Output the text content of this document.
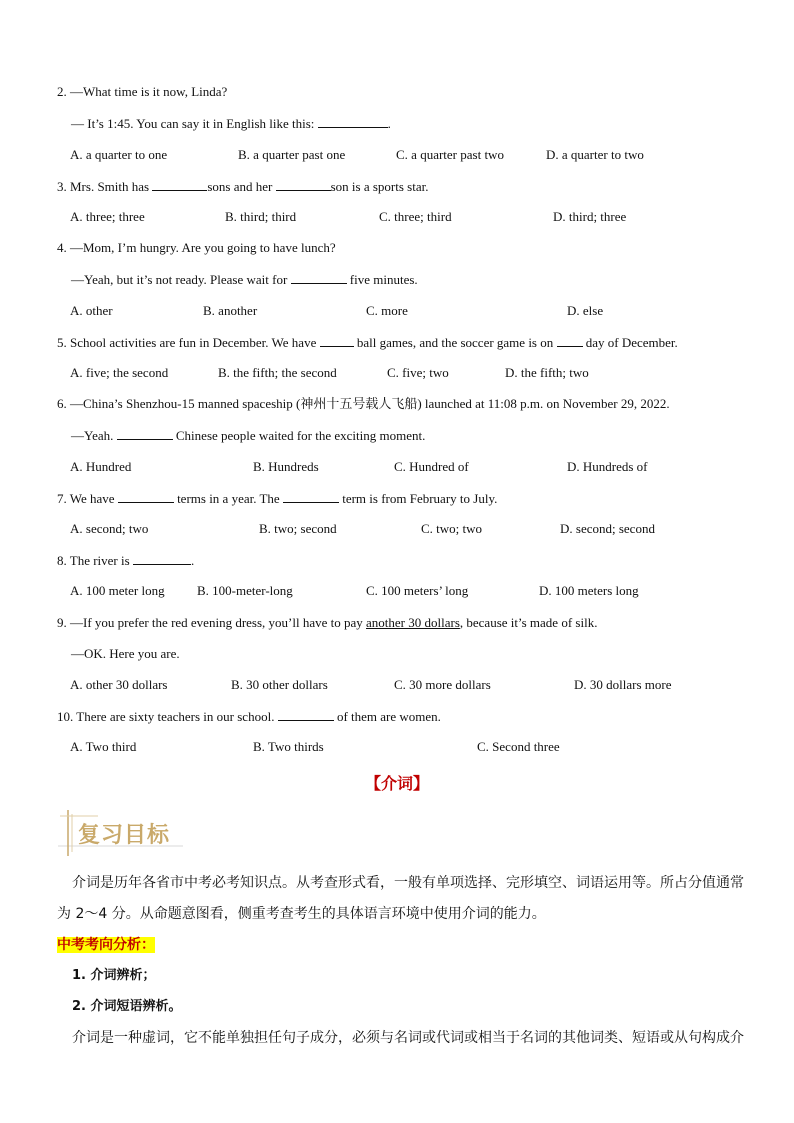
2. —What time is it now, Linda?
— It’s 1:45. You can say it in English like this:	.
A. a quarter to one	B. a quarter past one	C. a quarter past two	D. a quarter to two
3. Mrs. Smith has	sons and her	son is a sports star.
A. three; three	B. third; third	C. three; third	D. third; three
4. —Mom, I’m hungry. Are you going to have lunch?
—Yeah, but it’s not ready. Please wait for	five minutes.
A. other	B. another	C. more	D. else
5. School activities are fun in December. We have	ball games, and the soccer game is on  day of December.
A. five; the second	B. the fifth; the second	C. five; two	D. the fifth; two
6. —China’s Shenzhou-15 manned spaceship (神州十五号载人飞船) launched at 11:08 p.m. on November 29, 2022.
—Yeah.	Chinese people waited for the exciting moment.
A. Hundred	B. Hundreds	C. Hundred of	D. Hundreds of
7. We have	terms in a year. The	term is from February to July.
A. second; two	B. two; second	C. two; two	D. second; second
8. The river is	.
A. 100 meter long B. 100-meter-long	C. 100 meters’ long	D. 100 meters long
9. —If you prefer the red evening dress, you’ll have to pay another 30 dollars, because it’s made of silk.
—OK. Here you are.
A. other 30 dollars	B. 30 other dollars	C. 30 more dollars	D. 30 dollars more
10. There are sixty teachers in our school.	of them are women.
A. Two third	B. Two thirds	C. Second three
【介词】
复习目标
介词是历年各省市中考必考知识点。从考查形式看，一般有单项选择、完形填空、词语运用等。所占分值通常
为 2～4 分。从命题意图看，侧重考查考生的具体语言环境中使用介词的能力。
中考考向分析：
1. 介词辨析；
2. 介词短语辨析。
介词是一种虚词，它不能单独担任句子成分，必须与名词或代词或相当于名词的其他词类、短语或从句构成介
